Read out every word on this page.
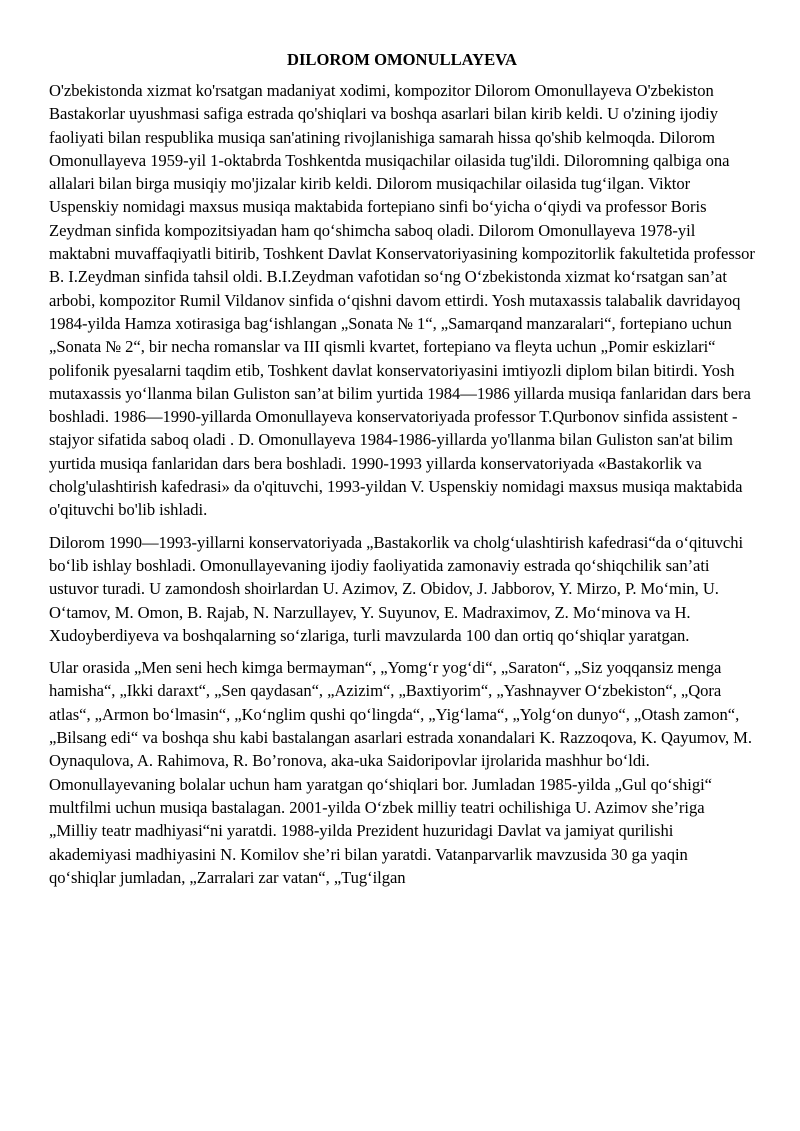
DILOROM OMONULLAYEVA

O'zbekistonda xizmat ko'rsatgan madaniyat xodimi, kompozitor Dilorom Omonullayeva O'zbekiston Bastakorlar uyushmasi safiga estrada qo'shiqlari va boshqa asarlari bilan kirib keldi. U o'zining ijodiy faoliyati bilan respublika musiqa san'atining rivojlanishiga samarah hissa qo'shib kelmoqda. Dilorom Omonullayeva 1959-yil 1-oktabrda Toshkentda musiqachilar oilasida tug'ildi. Diloromning qalbiga ona allalari bilan birga musiqiy mo'jizalar kirib keldi. Dilorom musiqachilar oilasida tug‘ilgan. Viktor Uspenskiy nomidagi maxsus musiqa maktabida fortepiano sinfi bo‘yicha o‘qiydi va professor Boris Zeydman sinfida kompozitsiyadan ham qo‘shimcha saboq oladi. Dilorom Omonullayeva 1978-yil maktabni muvaffaqiyatli bitirib, Toshkent Davlat Konservatoriyasining kompozitorlik fakultetida professor B. I.Zeydman sinfida tahsil oldi. B.I.Zeydman vafotidan so‘ng O‘zbekistonda xizmat ko‘rsatgan san’at arbobi, kompozitor Rumil Vildanov sinfida o‘qishni davom ettirdi. Yosh mutaxassis talabalik davridayoq 1984-yilda Hamza xotirasiga bag‘ishlangan „Sonata № 1“, „Samarqand manzaralari“, fortepiano uchun „Sonata № 2“, bir necha romanslar va III qismli kvartet, fortepiano va fleyta uchun „Pomir eskizlari“ polifonik pyesalarni taqdim etib, Toshkent davlat konservatoriyasini imtiyozli diplom bilan bitirdi. Yosh mutaxassis yo‘llanma bilan Guliston san’at bilim yurtida 1984—1986 yillarda musiqa fanlaridan dars bera boshladi. 1986—1990-yillarda Omonullayeva konservatoriyada professor T.Qurbonov sinfida assistent - stajyor sifatida saboq oladi . D. Omonullayeva 1984-1986-yillarda yo'llanma bilan Guliston san'at bilim yurtida musiqa fanlaridan dars bera boshladi. 1990-1993 yillarda konservatoriyada «Bastakorlik va cholg'ulashtirish kafedrasi» da o'qituvchi, 1993-yildan V. Uspenskiy nomidagi maxsus musiqa maktabida o'qituvchi bo'lib ishladi.

Dilorom 1990—1993-yillarni konservatoriyada „Bastakorlik va cholg‘ulashtirish kafedrasi“da o‘qituvchi bo‘lib ishlay boshladi. Omonullayevaning ijodiy faoliyatida zamonaviy estrada qo‘shiqchilik san’ati ustuvor turadi. U zamondosh shoirlardan U. Azimov, Z. Obidov, J. Jabborov, Y. Mirzo, P. Mo‘min, U. O‘tamov, M. Omon, B. Rajab, N. Narzullayev, Y. Suyunov, E. Madraximov, Z. Mo‘minova va H. Xudoyberdiyeva va boshqalarning so‘zlariga, turli mavzularda 100 dan ortiq qo‘shiqlar yaratgan.

Ular orasida „Men seni hech kimga bermayman“, „Yomg‘r yog‘di“, „Saraton“, „Siz yoqqansiz menga hamisha“, „Ikki daraxt“, „Sen qaydasan“, „Azizim“, „Baxtiyorim“, „Yashnayver O‘zbekiston“, „Qora atlas“, „Armon bo‘lmasin“, „Ko‘nglim qushi qo‘lingda“, „Yig‘lama“, „Yolg‘on dunyo“, „Otash zamon“, „Bilsang edi“ va boshqa shu kabi bastalangan asarlari estrada xonandalari K. Razzoqova, K. Qayumov, M. Oynaqulova, A. Rahimova, R. Bo’ronova, aka-uka Saidoripovlar ijrolarida mashhur bo‘ldi. Omonullayevaning bolalar uchun ham yaratgan qo‘shiqlari bor. Jumladan 1985-yilda „Gul qo‘shigi“ multfilmi uchun musiqa bastalagan. 2001-yilda O‘zbek milliy teatri ochilishiga U. Azimov she’riga „Milliy teatr madhiyasi“ni yaratdi. 1988-yilda Prezident huzuridagi Davlat va jamiyat qurilishi akademiyasi madhiyasini N. Komilov she’ri bilan yaratdi. Vatanparvarlik mavzusida 30 ga yaqin qo‘shiqlar jumladan, „Zarralari zar vatan“, „Tug‘ilgan
